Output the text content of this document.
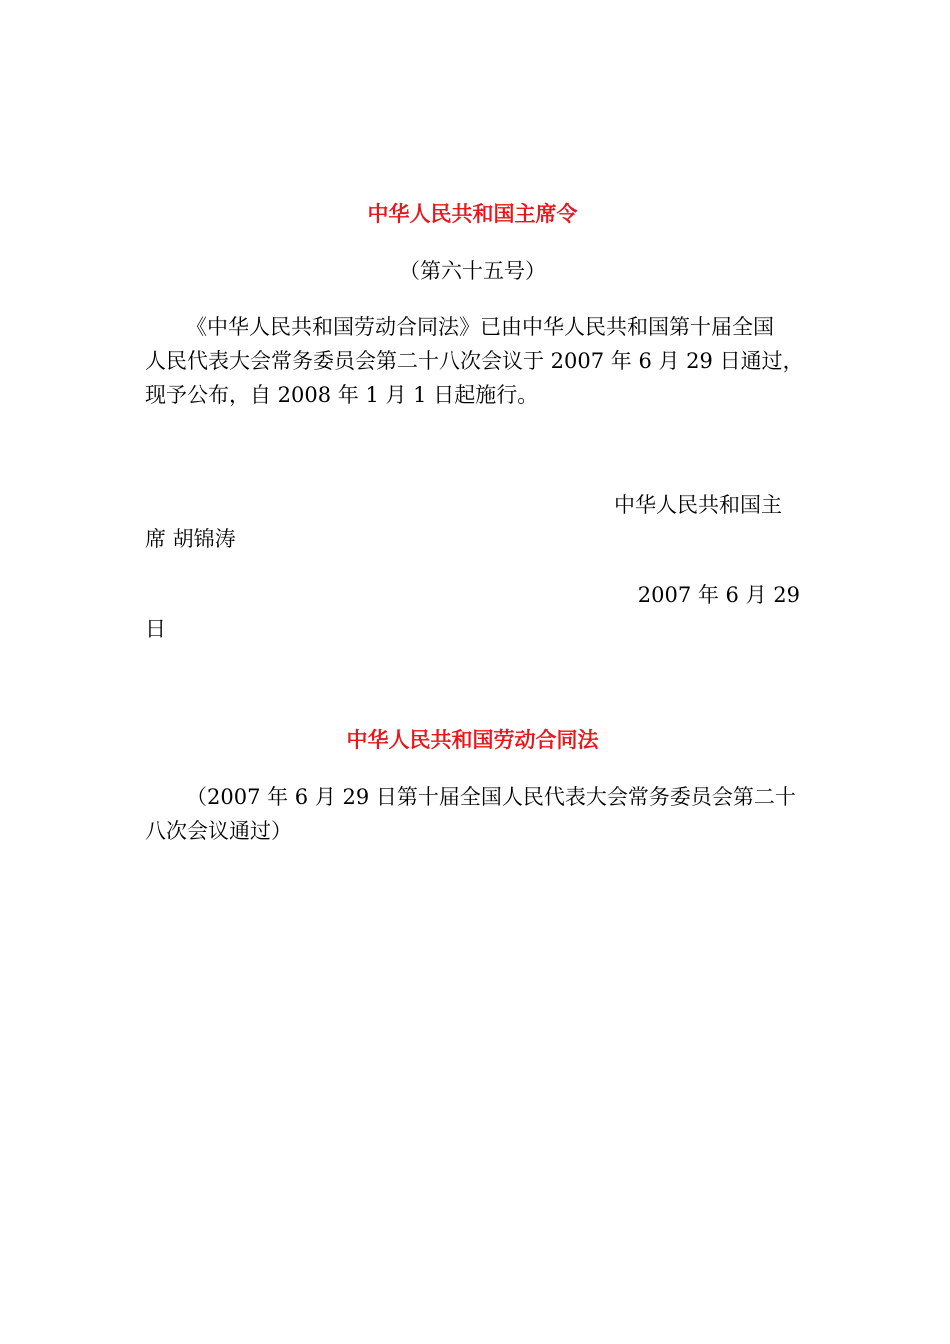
中华人民共和国主席令
（第六十五号）
《中华人民共和国劳动合同法》已由中华人民共和国第十届全国
人民代表大会常务委员会第二十八次会议于 2007 年 6 月 29 日通过，
现予公布，自 2008 年 1 月 1 日起施行。
中华人民共和国主
席 胡锦涛
2007 年 6 月 29
日
中华人民共和国劳动合同法
（2007 年 6 月 29 日第十届全国人民代表大会常务委员会第二十
八次会议通过）
